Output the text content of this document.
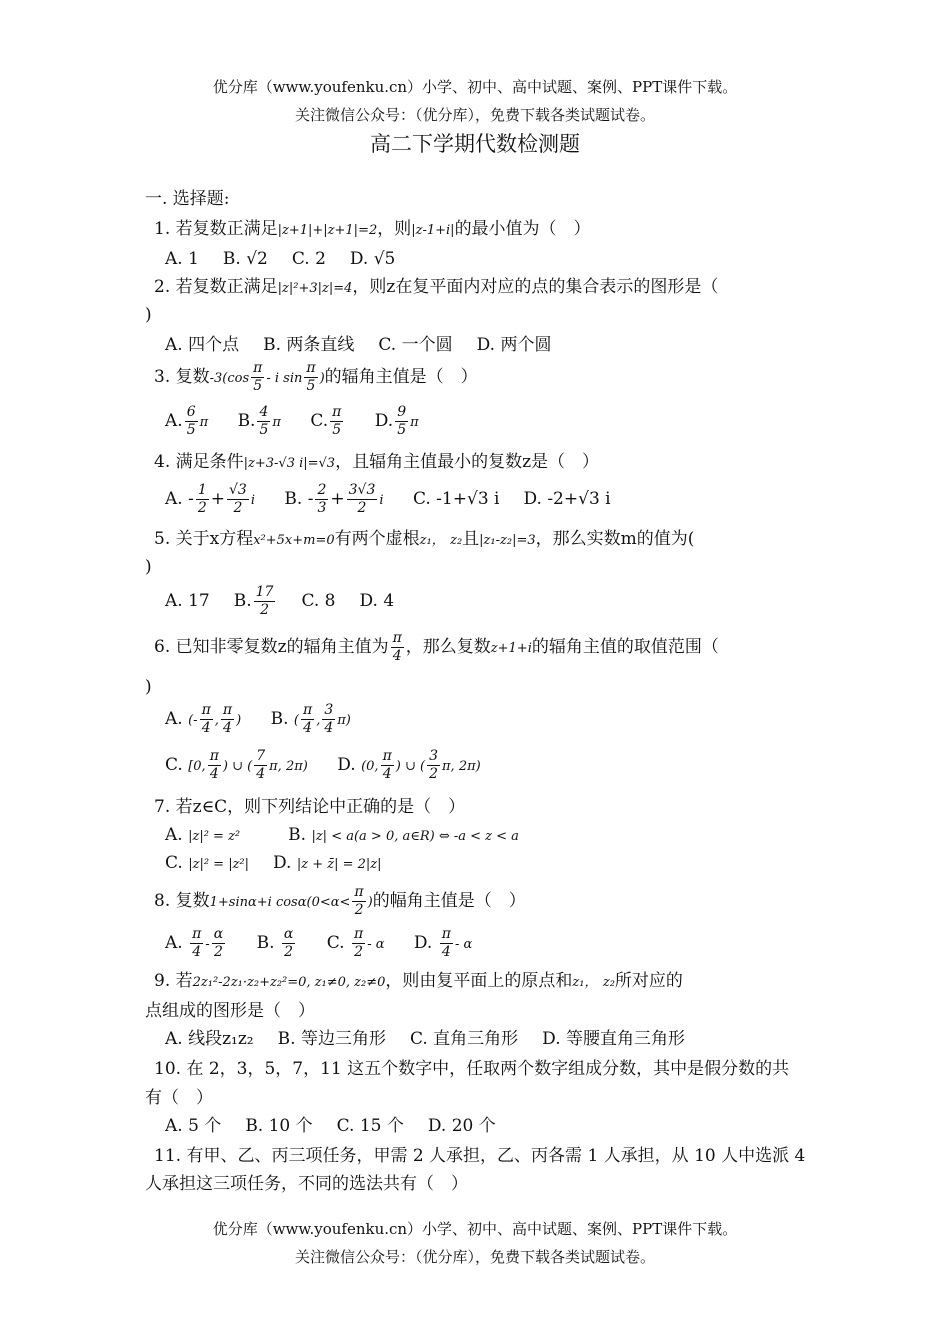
优分库（www.youfenku.cn）小学、初中、高中试题、案例、PPT课件下载。
关注微信公众号：（优分库），免费下载各类试题试卷。
高二下学期代数检测题
一. 选择题:
1. 若复数正满足|z+1|+|z+1|=2，则|z-1+i|的最小值为（　）
A. 1 B. √2 C. 2 D. √5
2. 若复数正满足|z|²+3|z|=4，则z在复平面内对应的点的集合表示的图形是（
)
A. 四个点 B. 两条直线 C. 一个圆 D. 两个圆
3. 复数$-3(\cos \frac{\pi}{5}$ - i $\sin \frac{\pi}{5}$ )的辐角主值是（　）
A. $\frac{6}{5}$ π B. $\frac{4}{5}$ π C. $\frac{\pi}{5} D$. $\frac{9}{5}$ π
4. 满足条件|z+3-√3 i|=√3，且辐角主值最小的复数z是（　）
A. - $\frac{1}{2} + \frac{√3}{2}$ i B. - $\frac{2}{3} + \frac{3√3}{2}$ i C. -1+√3 i D. -2+√3 i
5. 关于x方程x²+5x+m=0有两个虚根z₁， z₂且|z₁-z₂|=3，那么实数m的值为(
)
A. 17 B. $\frac{17}{2} C$. 8 D. 4
6. 已知非零复数z的辐角主值为 $\frac{\pi}{4}$ ，那么复数z+1+i的辐角主值的取值范围（
)
A. (- $\frac{\pi}{4}$ , $\frac{\pi}{4}$ ) B. ( $\frac{\pi}{4}$ , $\frac{3}{4} \pi$)
C. [0, $\frac{\pi}{4}$ ) ∪ ( $\frac{7}{4} \pi$, 2π) D. (0, $\frac{\pi}{4}$ ) ∪ ( $\frac{3}{2} \pi$, 2π)
7. 若z∈C，则下列结论中正确的是（　）
A. |z|² = z²	B. |z| < a(a > 0, a∈R) ⇔ -a < z < a
C. |z|² = |z²| D. |z + z̄| = 2|z|
8. 复数1+sinα+i $\cos\alpha(0<\alpha< \frac{\pi}{2}$ )的幅角主值是（　）
A. $\frac{\pi}{4} - \frac{\alpha}{2} B$. $\frac{\alpha}{2} C$. $\frac{\pi}{2}$ - α D. $\frac{\pi}{4}$ - α
9. 若2z₁²-2z₁·z₂+z₂²=0, z₁≠0, z₂≠0，则由复平面上的原点和z₁， z₂所对应的
点组成的图形是（　）
A. 线段z₁z₂ B. 等边三角形 C. 直角三角形 D. 等腰直角三角形
10. 在 2，3，5，7，11 这五个数字中，任取两个数字组成分数，其中是假分数的共
有（　）
A. 5 个 B. 10 个 C. 15 个 D. 20 个
11. 有甲、乙、丙三项任务，甲需 2 人承担，乙、丙各需 1 人承担，从 10 人中选派 4
人承担这三项任务，不同的选法共有（　）
优分库（www.youfenku.cn）小学、初中、高中试题、案例、PPT课件下载。
关注微信公众号：（优分库），免费下载各类试题试卷。
